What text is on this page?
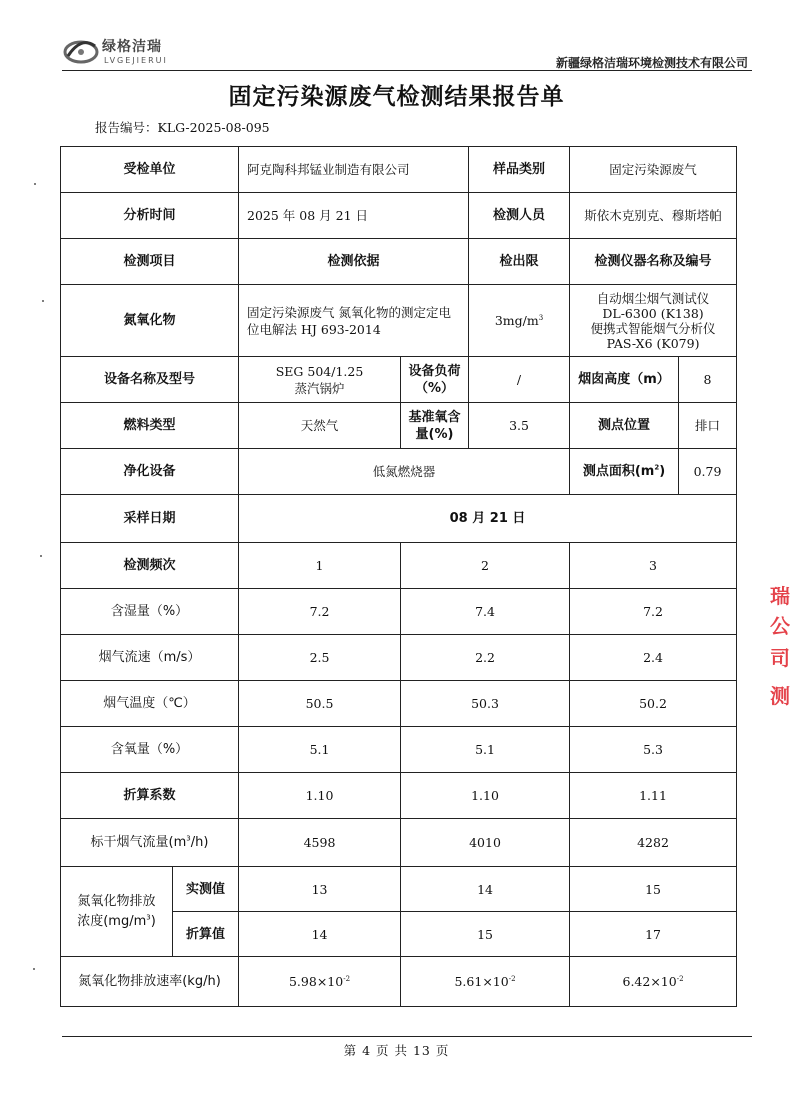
绿格洁瑞
LVGEJIERUI	新疆绿格洁瑞环境检测技术有限公司
固定污染源废气检测结果报告单
报告编号：KLG-2025-08-095
受检单位		阿克陶科邦锰业制造有限公司		样品类别	固定污染源废气	
分析时间		2025 年 08 月 21 日		检测人员	斯依木克别克、穆斯塔帕	
检测项目		检测依据		检出限	检测仪器名称及编号	
氮氧化物		固定污染源废气 氮氧化物的测定定电位电解法 HJ 693-2014		$3mg/m^3$	自动烟尘烟气测试仪
DL-6300 (K138)
便携式智能烟气分析仪
PAS-X6 (K079)	

设备名称及型号		SEG 504/1.25
蒸汽锅炉	设备负荷（%）	/	烟囱高度（m）	8
燃料类型		天然气	基准氧含量(%)	3.5	测点位置	排口
净化设备		低氮燃烧器			测点面积$(m^2)$	0.79
采样日期		08 月 21 日				
检测频次		1	2		3	
含湿量（%）		7.2	7.4		7.2	
烟气流速（m/s）		2.5	2.2		2.4	
烟气温度（℃）		50.5	50.3		50.2	
含氧量（%）		5.1	5.1		5.3	
折算系数		1.10	1.10		1.11	
标干烟气流量$(m^3/h)$		4598	4010		4282	

氮氧化物排放
浓度$(mg/m^3)$	实测值	13	14		15	
	折算值	14	15		17	
氮氧化物排放速率(kg/h)		$5.98\times 10^{-2}$	$5.61\times 10^{-2}$		$6.42\times 10^{-2}$
第 4 页 共 13 页
瑞
公
司
测
